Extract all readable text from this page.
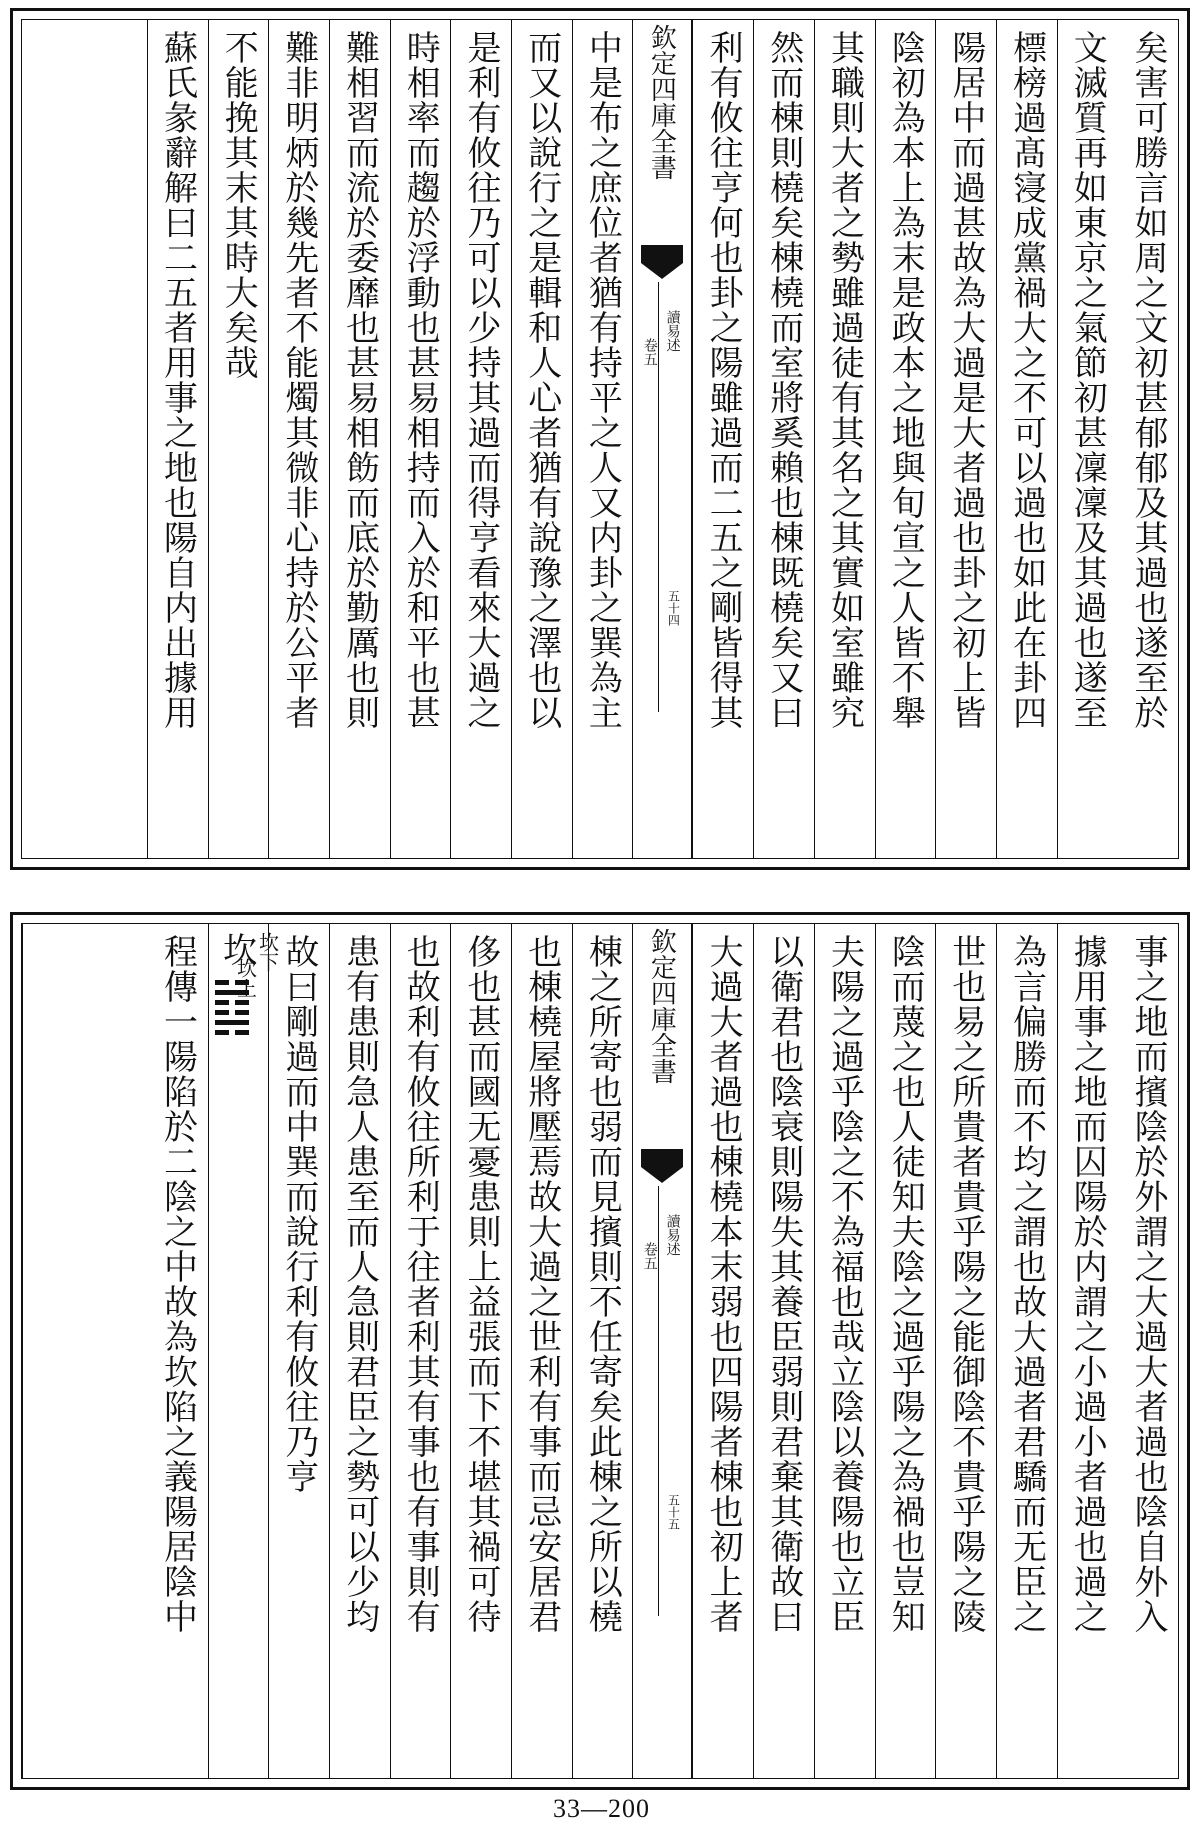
矣害可勝言如周之文初甚郁郁及其過也遂至於
文滅質再如東京之氣節初甚凜凜及其過也遂至
標榜過髙寖成黨禍大之不可以過也如此在卦四
陽居中而過甚故為大過是大者過也卦之初上皆
陰初為本上為末是政本之地與旬宣之人皆不舉
其職則大者之勢雖過徒有其名之其實如室雖究
然而棟則橈矣棟橈而室將奚賴也棟既橈矣又曰
利有攸往亨何也卦之陽雖過而二五之剛皆得其
欽定四庫全書
讀易述
卷五
五十四
中是布之庶位者猶有持平之人又内卦之巽為主
而又以說行之是輯和人心者猶有說豫之澤也以
是利有攸往乃可以少持其過而得亨看來大過之
時相率而趨於浮動也甚易相持而入於和平也甚
難相習而流於委靡也甚易相飭而底於勤厲也則
難非明炳於幾先者不能燭其微非心持於公平者
不能挽其末其時大矣哉
蘇氏彖辭解曰二五者用事之地也陽自内出據用
事之地而擯陰於外謂之大過大者過也陰自外入
據用事之地而囚陽於内謂之小過小者過也過之
為言偏勝而不均之謂也故大過者君驕而无臣之
世也易之所貴者貴乎陽之能御陰不貴乎陽之陵
陰而蔑之也人徒知夫陰之過乎陽之為禍也豈知
夫陽之過乎陰之不為福也哉立陰以養陽也立臣
以衛君也陰衰則陽失其養臣弱則君棄其衛故曰
大過大者過也棟橈本末弱也四陽者棟也初上者
欽定四庫全書
讀易述
卷五
五十五
棟之所寄也弱而見擯則不任寄矣此棟之所以橈
也棟橈屋將壓焉故大過之世利有事而忌安居君
侈也甚而國无憂患則上益張而下不堪其禍可待
也故利有攸往所利于往者利其有事也有事則有
患有患則急人患至而人急則君臣之勢可以少均
故曰剛過而中巽而說行利有攸往乃亨
坎 坎下
坎上
程傳一陽陷於二陰之中故為坎陷之義陽居陰中
33—200
